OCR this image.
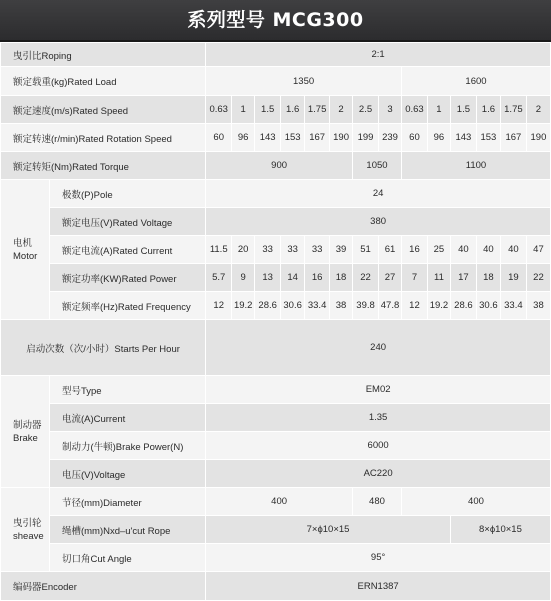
系列型号 MCG300
曳引比Roping		2:1													
额定载重(kg)Rated Load		1350								1600					
额定速度(m/s)Rated Speed		0.63	1	1.5	1.6	1.75	2	2.5	3	0.63	1	1.5	1.6	1.75	2
额定转速(r/min)Rated Rotation Speed		60	96	143	153	167	190	199	239	60	96	143	153	167	190
额定转矩(Nm)Rated Torque		900						1050		1100					
电机
Motor	极数(P)Pole	24													
	额定电压(V)Rated Voltage	380													
	额定电流(A)Rated Current	11.5	20	33	33	33	39	51	61	16	25	40	40	40	47
	额定功率(KW)Rated Power	5.7	9	13	14	16	18	22	27	7	11	17	18	19	22
	额定频率(Hz)Rated Frequency	12	19.2	28.6	30.6	33.4	38	39.8	47.8	12	19.2	28.6	30.6	33.4	38
启动次数（次/小时）Starts Per Hour		240													
制动器
Brake	型号Type	EM02													
	电流(A)Current	1.35													
	制动力(牛顿)Brake Power(N)	6000													
	电压(V)Voltage	AC220													
曳引轮
sheave	节径(mm)Diameter	400						480		400					
	绳槽(mm)Nxd–u'cut Rope	7×ϕ10×15										8×ϕ10×15			
	切口角Cut Angle	95°													
编码器Encoder		ERN1387													
